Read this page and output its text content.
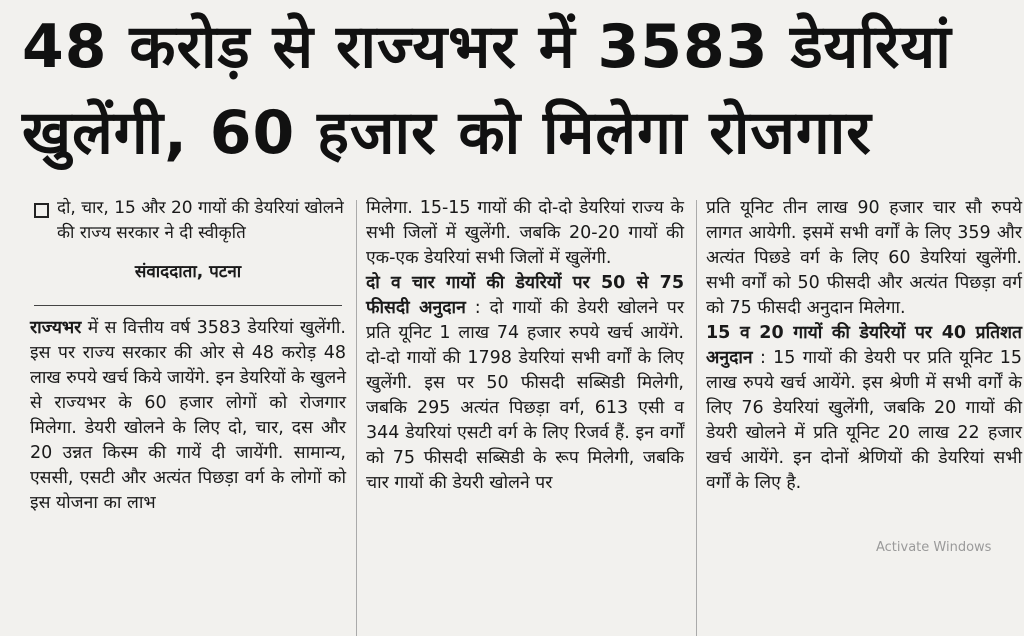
48 करोड़ से राज्यभर में 3583 डेयरियां
खुलेंगी, 60 हजार को मिलेगा रोजगार
दो, चार, 15 और 20 गायों की डेयरियां खोलने की राज्य सरकार ने दी स्वीकृति
संवाददाता, पटना

राज्यभर में स वित्तीय वर्ष 3583 डेयरियां खुलेंगी. इस पर राज्य सरकार की ओर से 48 करोड़ 48 लाख रुपये खर्च किये जायेंगे. इन डेयरियों के खुलने से राज्यभर के 60 हजार लोगों को रोजगार मिलेगा. डेयरी खोलने के लिए दो, चार, दस और 20 उन्नत किस्म की गायें दी जायेंगी. सामान्य, एससी, एसटी और अत्यंत पिछड़ा वर्ग के लोगों को इस योजना का लाभ

मिलेगा. 15-15 गायों की दो-दो डेयरियां राज्य के सभी जिलों में खुलेंगी. जबकि 20-20 गायों की एक-एक डेयरियां सभी जिलों में खुलेंगी.

दो व चार गायों की डेयरियों पर 50 से 75 फीसदी अनुदान : दो गायों की डेयरी खोलने पर प्रति यूनिट 1 लाख 74 हजार रुपये खर्च आयेंगे. दो-दो गायों की 1798 डेयरियां सभी वर्गों के लिए खुलेंगी. इस पर 50 फीसदी सब्सिडी मिलेगी, जबकि 295 अत्यंत पिछड़ा वर्ग, 613 एसी व 344 डेयरियां एसटी वर्ग के लिए रिजर्व हैं. इन वर्गों को 75 फीसदी सब्सिडी के रूप मिलेगी, जबकि चार गायों की डेयरी खोलने पर

प्रति यूनिट तीन लाख 90 हजार चार सौ रुपये लागत आयेगी. इसमें सभी वर्गों के लिए 359 और अत्यंत पिछडे वर्ग के लिए 60 डेयरियां खुलेंगी. सभी वर्गों को 50 फीसदी और अत्यंत पिछड़ा वर्ग को 75 फीसदी अनुदान मिलेगा.

15 व 20 गायों की डेयरियों पर 40 प्रतिशत अनुदान : 15 गायों की डेयरी पर प्रति यूनिट 15 लाख रुपये खर्च आयेंगे. इस श्रेणी में सभी वर्गों के लिए 76 डेयरियां खुलेंगी, जबकि 20 गायों की डेयरी खोलने में प्रति यूनिट 20 लाख 22 हजार खर्च आयेंगे. इन दोनों श्रेणियों की डेयरियां सभी वर्गों के लिए है.

Activate Windows
